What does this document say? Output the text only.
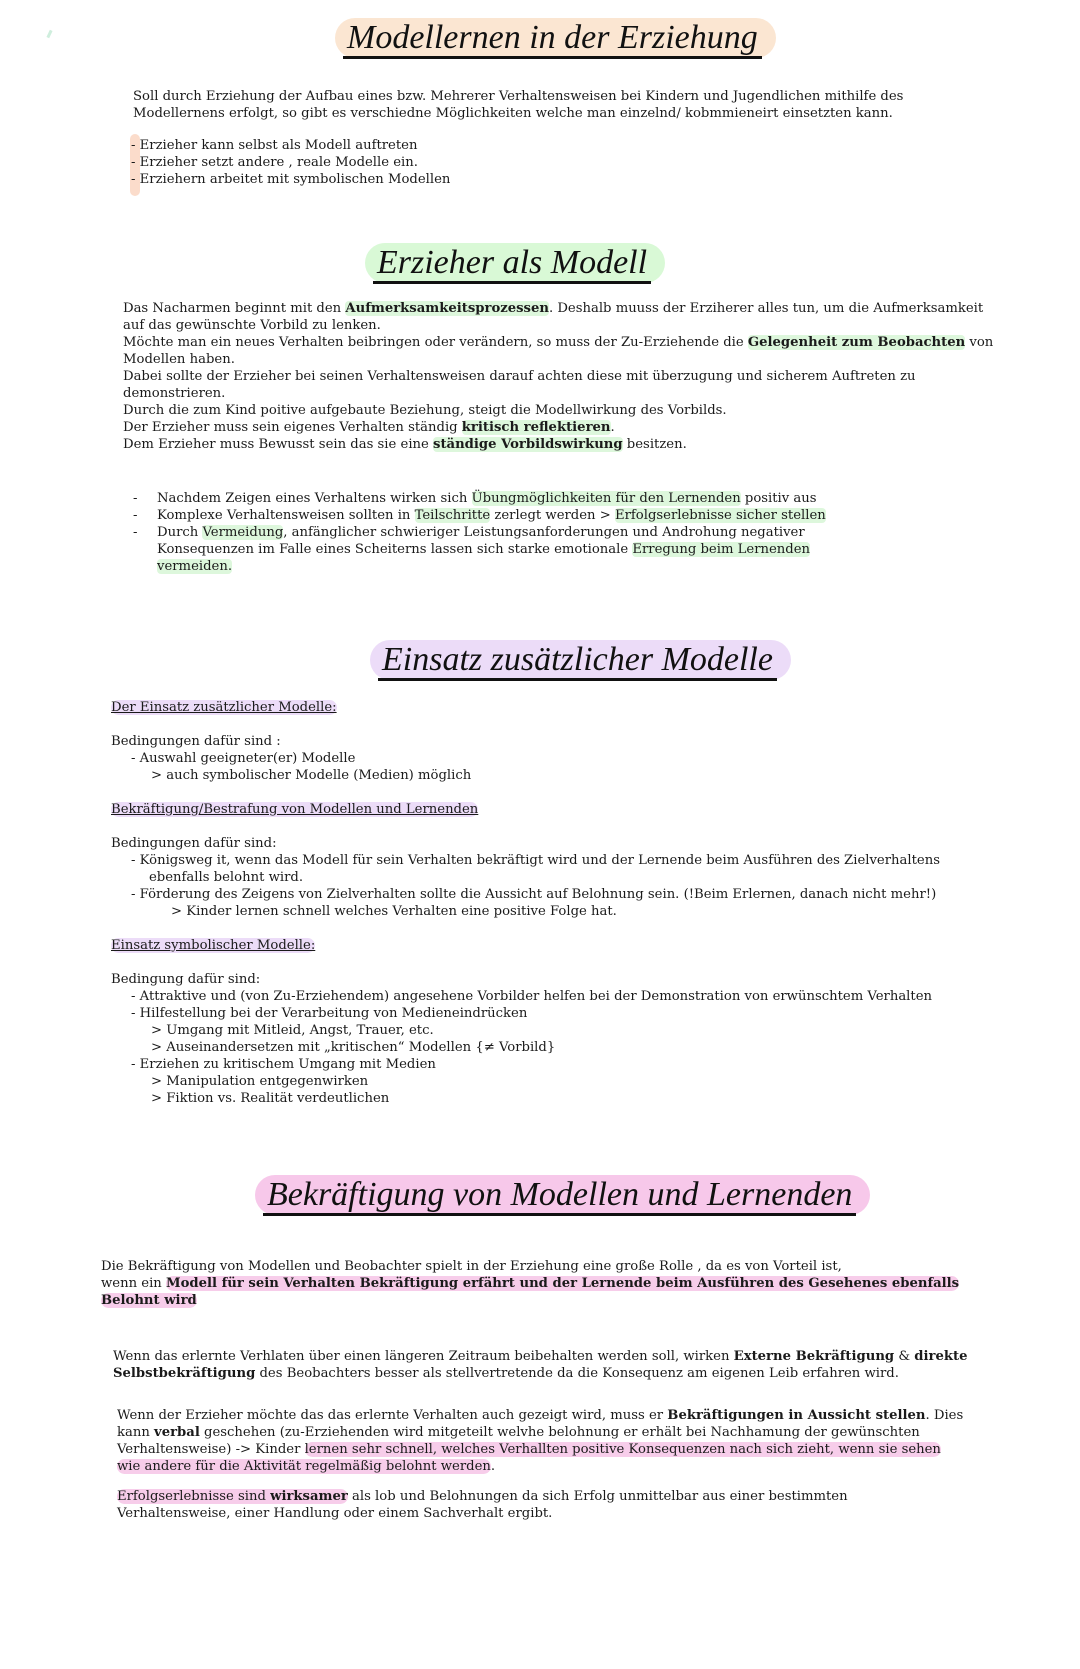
Modellernen in der Erziehung

Soll durch Erziehung der Aufbau eines bzw. Mehrerer Verhaltensweisen bei Kindern und Jugendlichen mithilfe des

Modellernens erfolgt, so gibt es verschiedne Möglichkeiten welche man einzelnd/ kobmmieneirt einsetzten kann.

- Erzieher kann selbst als Modell auftreten

- Erzieher setzt andere , reale Modelle ein.

- Erziehern arbeitet mit symbolischen Modellen

Erzieher als Modell

Das Nacharmen beginnt mit den Aufmerksamkeitsprozessen. Deshalb muuss der Erziherer alles tun, um die Aufmerksamkeit

auf das gewünschte Vorbild zu lenken.

Möchte man ein neues Verhalten beibringen oder verändern, so muss der Zu-Erziehende die Gelegenheit zum Beobachten von

Modellen haben.

Dabei sollte der Erzieher bei seinen Verhaltensweisen darauf achten diese mit überzugung und sicherem Auftreten zu

demonstrieren.

Durch die zum Kind poitive aufgebaute Beziehung, steigt die Modellwirkung des Vorbilds.

Der Erzieher muss sein eigenes Verhalten ständig kritisch reflektieren.

Dem Erzieher muss Bewusst sein das sie eine ständige Vorbildswirkung besitzen.

-	Nachdem Zeigen eines Verhaltens wirken sich Übungmöglichkeiten für den Lernenden positiv aus
-	Komplexe Verhaltensweisen sollten in Teilschritte zerlegt werden > Erfolgserlebnisse sicher stellen
-	Durch Vermeidung, anfänglicher schwieriger Leistungsanforderungen und Androhung negativer
Konsequenzen im Falle eines Scheiterns lassen sich starke emotionale Erregung beim Lernenden
vermeiden.
Einsatz zusätzlicher Modelle

Der Einsatz zusätzlicher Modelle:

Bedingungen dafür sind :

- Auswahl geeigneter(er) Modelle

> auch symbolischer Modelle (Medien) möglich

Bekräftigung/Bestrafung von Modellen und Lernenden

Bedingungen dafür sind:

- Königsweg it, wenn das Modell für sein Verhalten bekräftigt wird und der Lernende beim Ausführen des Zielverhaltens

ebenfalls belohnt wird.

- Förderung des Zeigens von Zielverhalten sollte die Aussicht auf Belohnung sein. (!Beim Erlernen, danach nicht mehr!)

> Kinder lernen schnell welches Verhalten eine positive Folge hat.

Einsatz symbolischer Modelle:

Bedingung dafür sind:

- Attraktive und (von Zu-Erziehendem) angesehene Vorbilder helfen bei der Demonstration von erwünschtem Verhalten

- Hilfestellung bei der Verarbeitung von Medieneindrücken

> Umgang mit Mitleid, Angst, Trauer, etc.

> Auseinandersetzen mit „kritischen“ Modellen {≠ Vorbild}

- Erziehen zu kritischem Umgang mit Medien

> Manipulation entgegenwirken

> Fiktion vs. Realität verdeutlichen

Bekräftigung von Modellen und Lernenden

Die Bekräftigung von Modellen und Beobachter spielt in der Erziehung eine große Rolle , da es von Vorteil ist,

wenn ein Modell für sein Verhalten Bekräftigung erfährt und der Lernende beim Ausführen des Gesehenes ebenfalls

Belohnt wird

Wenn das erlernte Verhlaten über einen längeren Zeitraum beibehalten werden soll, wirken Externe Bekräftigung & direkte

Selbstbekräftigung des Beobachters besser als stellvertretende da die Konsequenz am eigenen Leib erfahren wird.

Wenn der Erzieher möchte das das erlernte Verhalten auch gezeigt wird, muss er Bekräftigungen in Aussicht stellen. Dies

kann verbal geschehen (zu-Erziehenden wird mitgeteilt welvhe belohnung er erhält bei Nachhamung der gewünschten

Verhaltensweise) -> Kinder lernen sehr schnell, welches Verhallten positive Konsequenzen nach sich zieht, wenn sie sehen

wie andere für die Aktivität regelmäßig belohnt werden.

Erfolgserlebnisse sind wirksamer als lob und Belohnungen da sich Erfolg unmittelbar aus einer bestimmten

Verhaltensweise, einer Handlung oder einem Sachverhalt ergibt.
